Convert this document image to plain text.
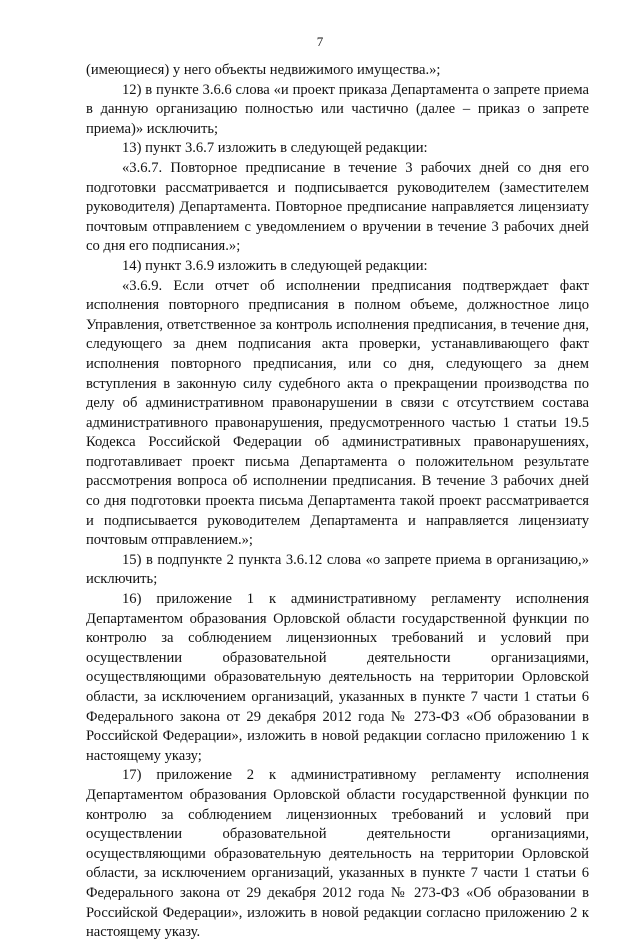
7

(имеющиеся) у него объекты недвижимого имущества.»;

12) в пункте 3.6.6 слова «и проект приказа Департамента о запрете приема в данную организацию полностью или частично (далее – приказ о запрете приема)» исключить;

13) пункт 3.6.7 изложить в следующей редакции:

«3.6.7. Повторное предписание в течение 3 рабочих дней со дня его подготовки рассматривается и подписывается руководителем (заместителем руководителя) Департамента. Повторное предписание направляется лицензиату почтовым отправлением с уведомлением о вручении в течение 3 рабочих дней со дня его подписания.»;

14) пункт 3.6.9 изложить в следующей редакции:

«3.6.9. Если отчет об исполнении предписания подтверждает факт исполнения повторного предписания в полном объеме, должностное лицо Управления, ответственное за контроль исполнения предписания, в течение дня, следующего за днем подписания акта проверки, устанавливающего факт исполнения повторного предписания, или со дня, следующего за днем вступления в законную силу судебного акта о прекращении производства по делу об административном правонарушении в связи с отсутствием состава административного правонарушения, предусмотренного частью 1 статьи 19.5 Кодекса Российской Федерации об административных правонарушениях, подготавливает проект письма Департамента о положительном результате рассмотрения вопроса об исполнении предписания. В течение 3 рабочих дней со дня подготовки проекта письма Департамента такой проект рассматривается и подписывается руководителем Департамента и направляется лицензиату почтовым отправлением.»;

15) в подпункте 2 пункта 3.6.12 слова «о запрете приема в организацию,» исключить;

16) приложение 1 к административному регламенту исполнения Департаментом образования Орловской области государственной функции по контролю за соблюдением лицензионных требований и условий при осуществлении образовательной деятельности организациями, осуществляющими образовательную деятельность на территории Орловской области, за исключением организаций, указанных в пункте 7 части 1 статьи 6 Федерального закона от 29 декабря 2012 года № 273-ФЗ «Об образовании в Российской Федерации», изложить в новой редакции согласно приложению 1 к настоящему указу;

17) приложение 2 к административному регламенту исполнения Департаментом образования Орловской области государственной функции по контролю за соблюдением лицензионных требований и условий при осуществлении образовательной деятельности организациями, осуществляющими образовательную деятельность на территории Орловской области, за исключением организаций, указанных в пункте 7 части 1 статьи 6 Федерального закона от 29 декабря 2012 года № 273-ФЗ «Об образовании в Российской Федерации», изложить в новой редакции согласно приложению 2 к настоящему указу.
